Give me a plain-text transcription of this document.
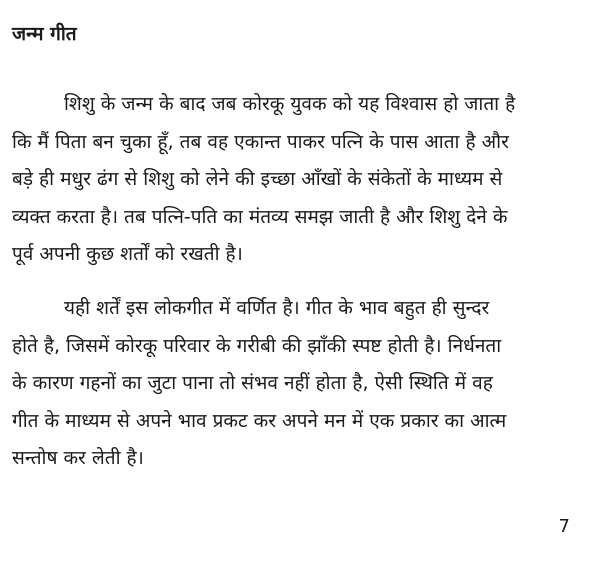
जन्म गीत
शिशु के जन्म के बाद जब कोरकू युवक को यह विश्वास हो जाता है
कि मैं पिता बन चुका हूँ, तब वह एकान्त पाकर पत्नि के पास आता है और
बड़े ही मधुर ढंग से शिशु को लेने की इच्छा आँखों के संकेतों के माध्यम से
व्यक्त करता है। तब पत्नि-पति का मंतव्य समझ जाती है और शिशु देने के
पूर्व अपनी कुछ शर्तों को रखती है।
यही शर्तें इस लोकगीत में वर्णित है। गीत के भाव बहुत ही सुन्दर
होते है, जिसमें कोरकू परिवार के गरीबी की झाँकी स्पष्ट होती है। निर्धनता
के कारण गहनों का जुटा पाना तो संभव नहीं होता है, ऐसी स्थिति में वह
गीत के माध्यम से अपने भाव प्रकट कर अपने मन में एक प्रकार का आत्म
सन्तोष कर लेती है।
7
